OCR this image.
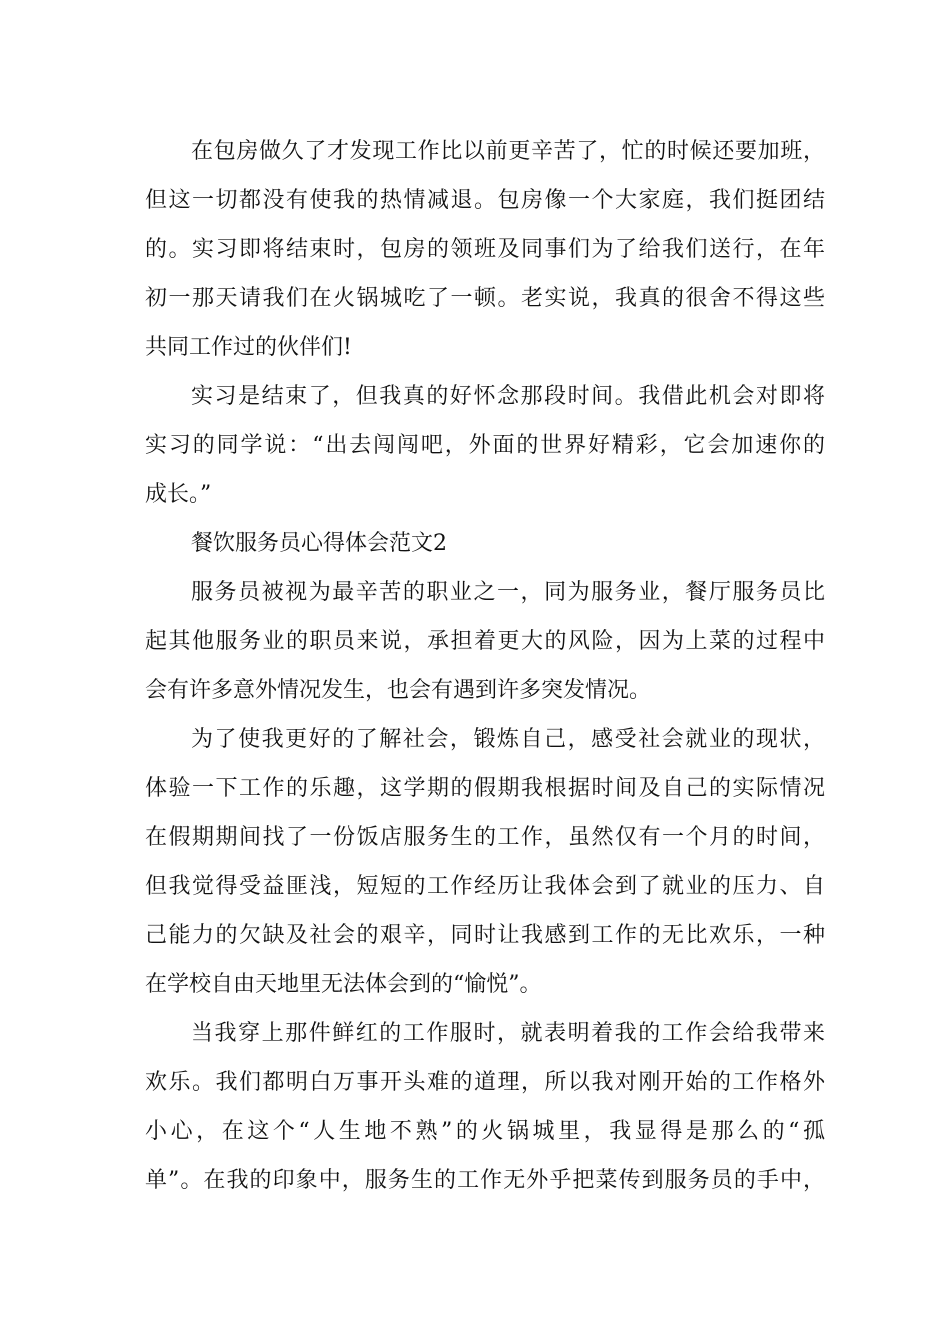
在包房做久了才发现工作比以前更辛苦了，忙的时候还要加班，
但这一切都没有使我的热情减退。包房像一个大家庭，我们挺团结
的。实习即将结束时，包房的领班及同事们为了给我们送行，在年
初一那天请我们在火锅城吃了一顿。老实说，我真的很舍不得这些
共同工作过的伙伴们!
实习是结束了，但我真的好怀念那段时间。我借此机会对即将
实习的同学说：“出去闯闯吧，外面的世界好精彩，它会加速你的
成长。”
餐饮服务员心得体会范文2
服务员被视为最辛苦的职业之一，同为服务业，餐厅服务员比
起其他服务业的职员来说，承担着更大的风险，因为上菜的过程中
会有许多意外情况发生，也会有遇到许多突发情况。
为了使我更好的了解社会，锻炼自己，感受社会就业的现状，
体验一下工作的乐趣，这学期的假期我根据时间及自己的实际情况
在假期期间找了一份饭店服务生的工作，虽然仅有一个月的时间，
但我觉得受益匪浅，短短的工作经历让我体会到了就业的压力、自
己能力的欠缺及社会的艰辛，同时让我感到工作的无比欢乐，一种
在学校自由天地里无法体会到的“愉悦”。
当我穿上那件鲜红的工作服时，就表明着我的工作会给我带来
欢乐。我们都明白万事开头难的道理，所以我对刚开始的工作格外
小心，在这个“人生地不熟”的火锅城里，我显得是那么的“孤
单”。在我的印象中，服务生的工作无外乎把菜传到服务员的手中，
